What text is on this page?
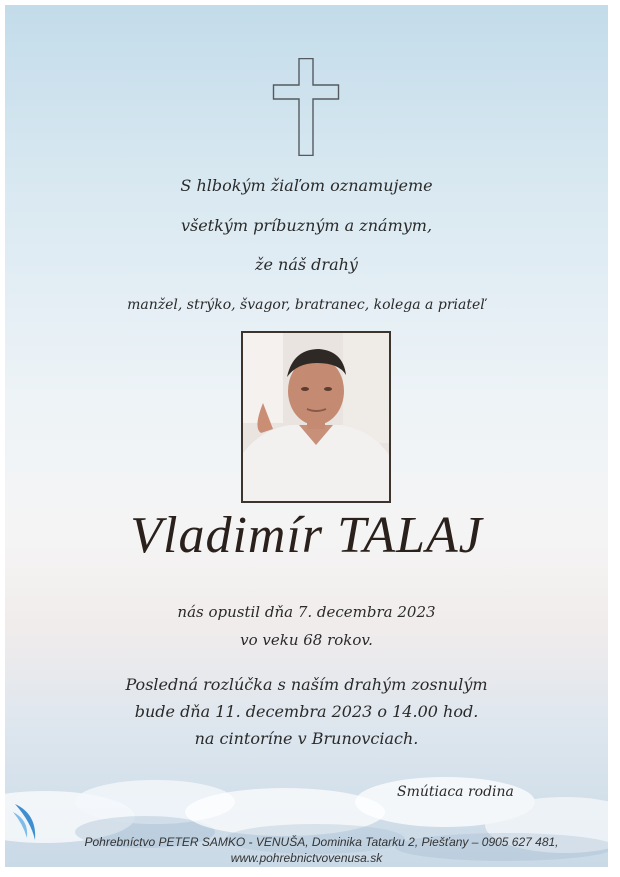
S hlbokým žiaľom oznamujeme
všetkým príbuzným a známym,
že náš drahý
manžel, strýko, švagor, bratranec, kolega a priateľ
Vladimír TALAJ
nás opustil dňa 7. decembra 2023
vo veku 68 rokov.
Posledná rozlúčka s naším drahým zosnulým
bude dňa 11. decembra 2023 o 14.00 hod.
na cintoríne v Brunovciach.
Smútiaca rodina
Pohrebníctvo PETER SAMKO - VENUŠA, Dominika Tatarku 2, Piešťany – 0905 627 481,
www.pohrebnictvovenusa.sk
